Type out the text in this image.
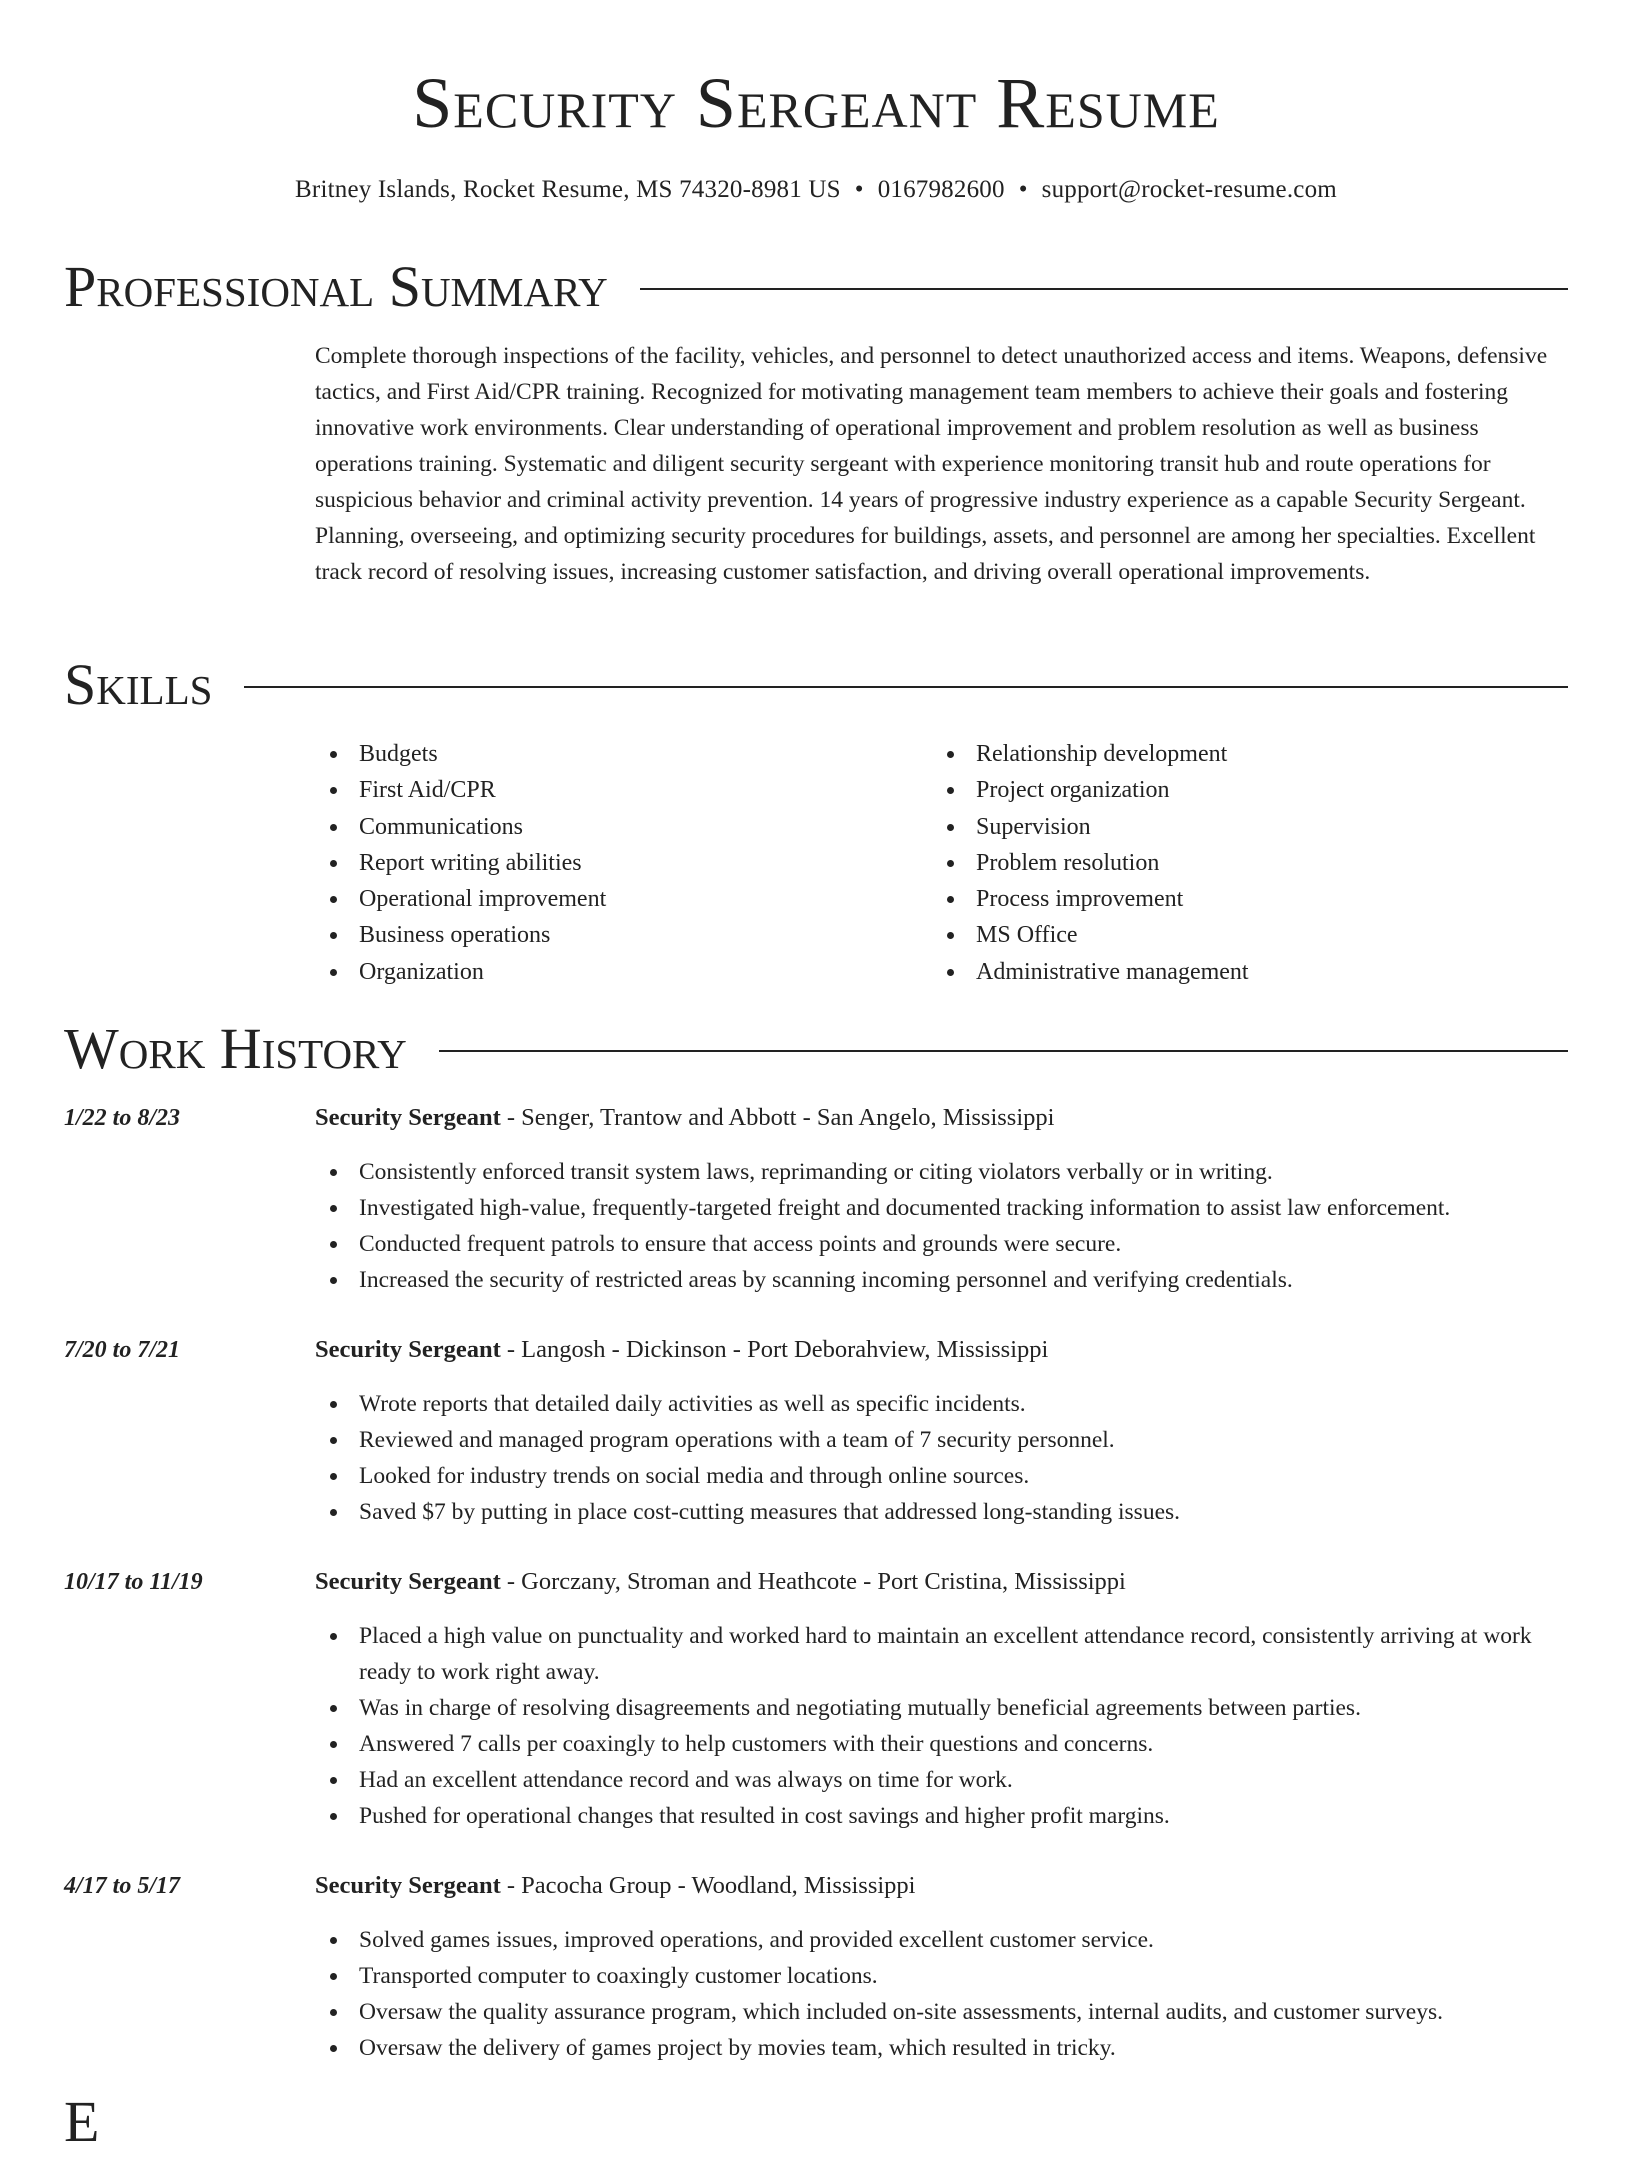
Security Sergeant Resume
Britney Islands, Rocket Resume, MS 74320-8981 US • 0167982600 • support@rocket-resume.com
Professional Summary
Complete thorough inspections of the facility, vehicles, and personnel to detect unauthorized access and items. Weapons, defensive tactics, and First Aid/CPR training. Recognized for motivating management team members to achieve their goals and fostering innovative work environments. Clear understanding of operational improvement and problem resolution as well as business operations training. Systematic and diligent security sergeant with experience monitoring transit hub and route operations for suspicious behavior and criminal activity prevention. 14 years of progressive industry experience as a capable Security Sergeant. Planning, overseeing, and optimizing security procedures for buildings, assets, and personnel are among her specialties. Excellent track record of resolving issues, increasing customer satisfaction, and driving overall operational improvements.
Skills
Budgets
First Aid/CPR
Communications
Report writing abilities
Operational improvement
Business operations
Organization
Relationship development
Project organization
Supervision
Problem resolution
Process improvement
MS Office
Administrative management
Work History
1/22 to 8/23	Security Sergeant - Senger, Trantow and Abbott - San Angelo, Mississippi
Consistently enforced transit system laws, reprimanding or citing violators verbally or in writing.
Investigated high-value, frequently-targeted freight and documented tracking information to assist law enforcement.
Conducted frequent patrols to ensure that access points and grounds were secure.
Increased the security of restricted areas by scanning incoming personnel and verifying credentials.
7/20 to 7/21	Security Sergeant - Langosh - Dickinson - Port Deborahview, Mississippi
Wrote reports that detailed daily activities as well as specific incidents.
Reviewed and managed program operations with a team of 7 security personnel.
Looked for industry trends on social media and through online sources.
Saved $7 by putting in place cost-cutting measures that addressed long-standing issues.
10/17 to 11/19	Security Sergeant - Gorczany, Stroman and Heathcote - Port Cristina, Mississippi
Placed a high value on punctuality and worked hard to maintain an excellent attendance record, consistently arriving at work ready to work right away.
Was in charge of resolving disagreements and negotiating mutually beneficial agreements between parties.
Answered 7 calls per coaxingly to help customers with their questions and concerns.
Had an excellent attendance record and was always on time for work.
Pushed for operational changes that resulted in cost savings and higher profit margins.
4/17 to 5/17	Security Sergeant - Pacocha Group - Woodland, Mississippi
Solved games issues, improved operations, and provided excellent customer service.
Transported computer to coaxingly customer locations.
Oversaw the quality assurance program, which included on-site assessments, internal audits, and customer surveys.
Oversaw the delivery of games project by movies team, which resulted in tricky.
E
